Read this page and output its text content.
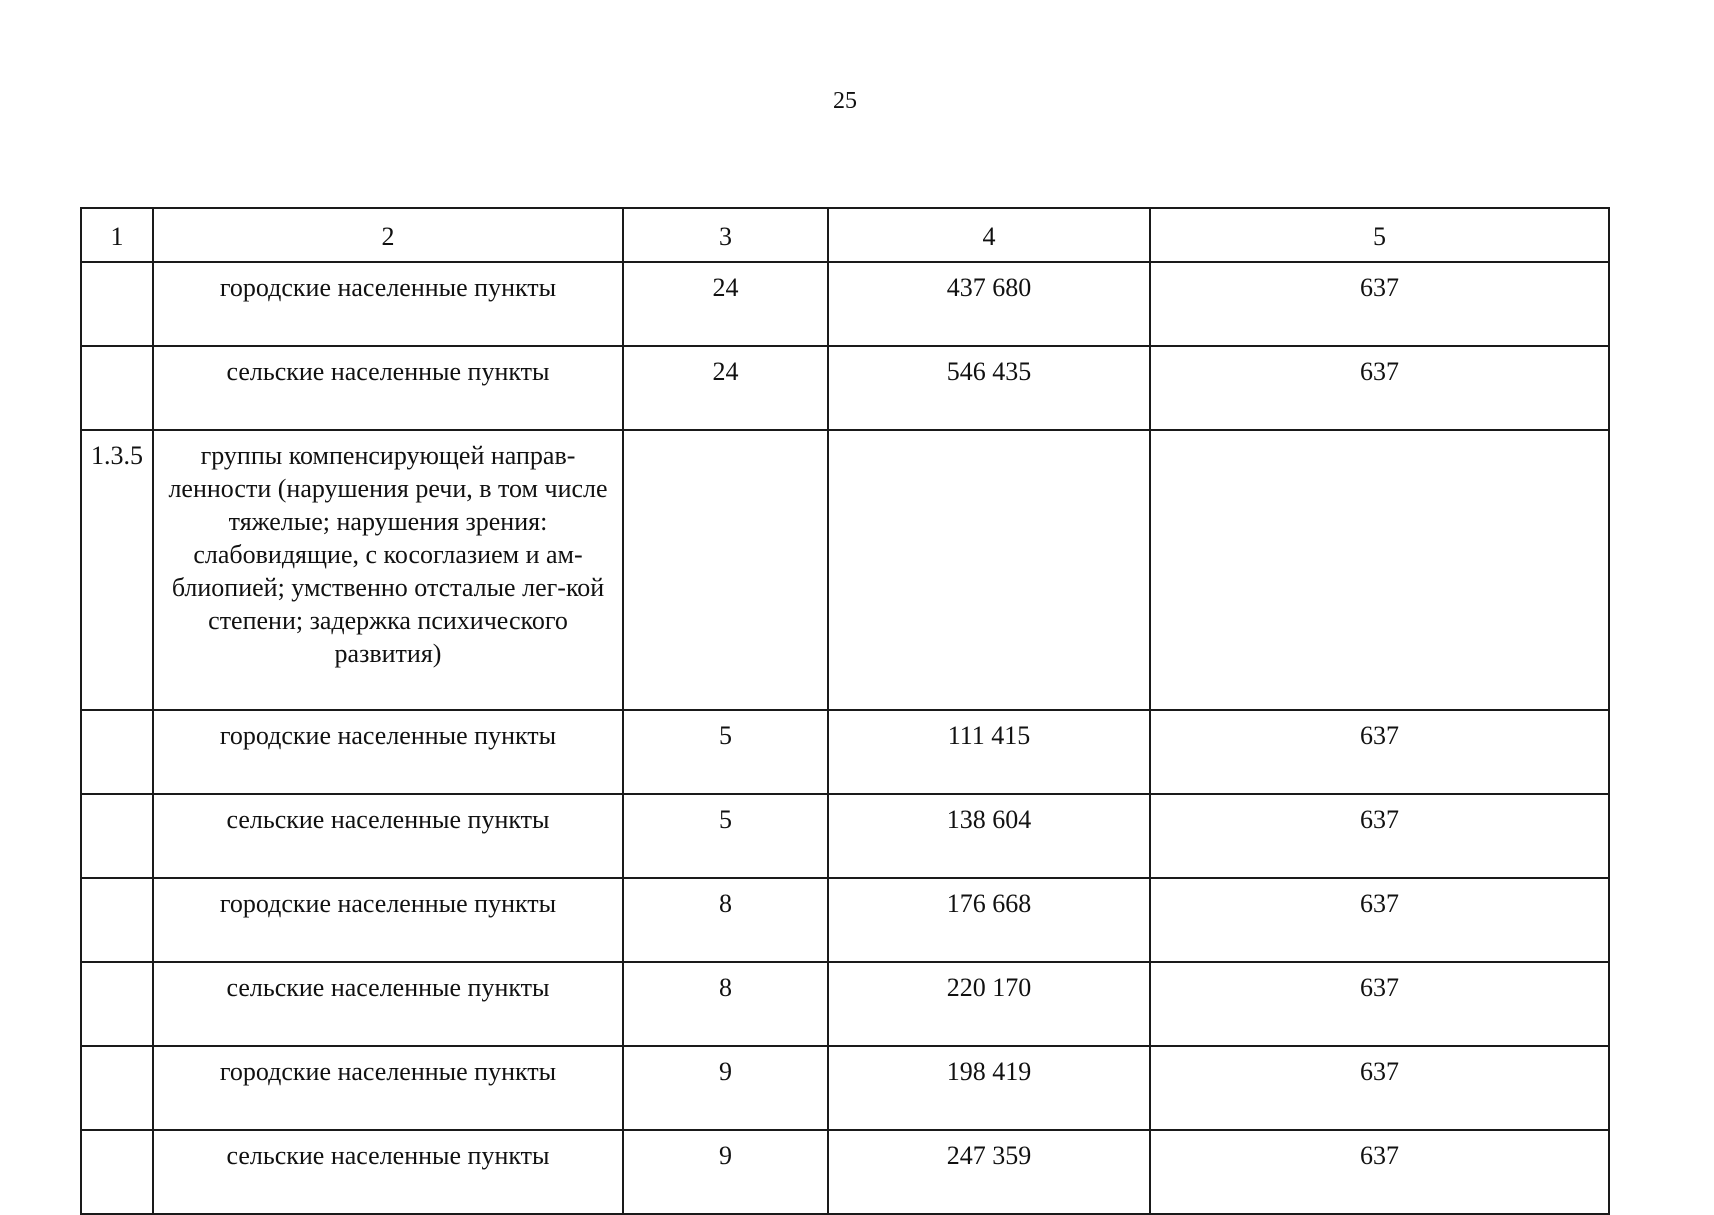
25
1	2	3	4	5
	городские населенные пункты	24	437 680	637
	сельские населенные пункты	24	546 435	637
1.3.5	группы компенсирующей направ-ленности (нарушения речи, в том числе тяжелые; нарушения зрения: слабовидящие, с косоглазием и ам-блиопией; умственно отсталые лег-кой степени; задержка психического развития)			
	городские населенные пункты	5	111 415	637
	сельские населенные пункты	5	138 604	637
	городские населенные пункты	8	176 668	637
	сельские населенные пункты	8	220 170	637
	городские населенные пункты	9	198 419	637
	сельские населенные пункты	9	247 359	637
